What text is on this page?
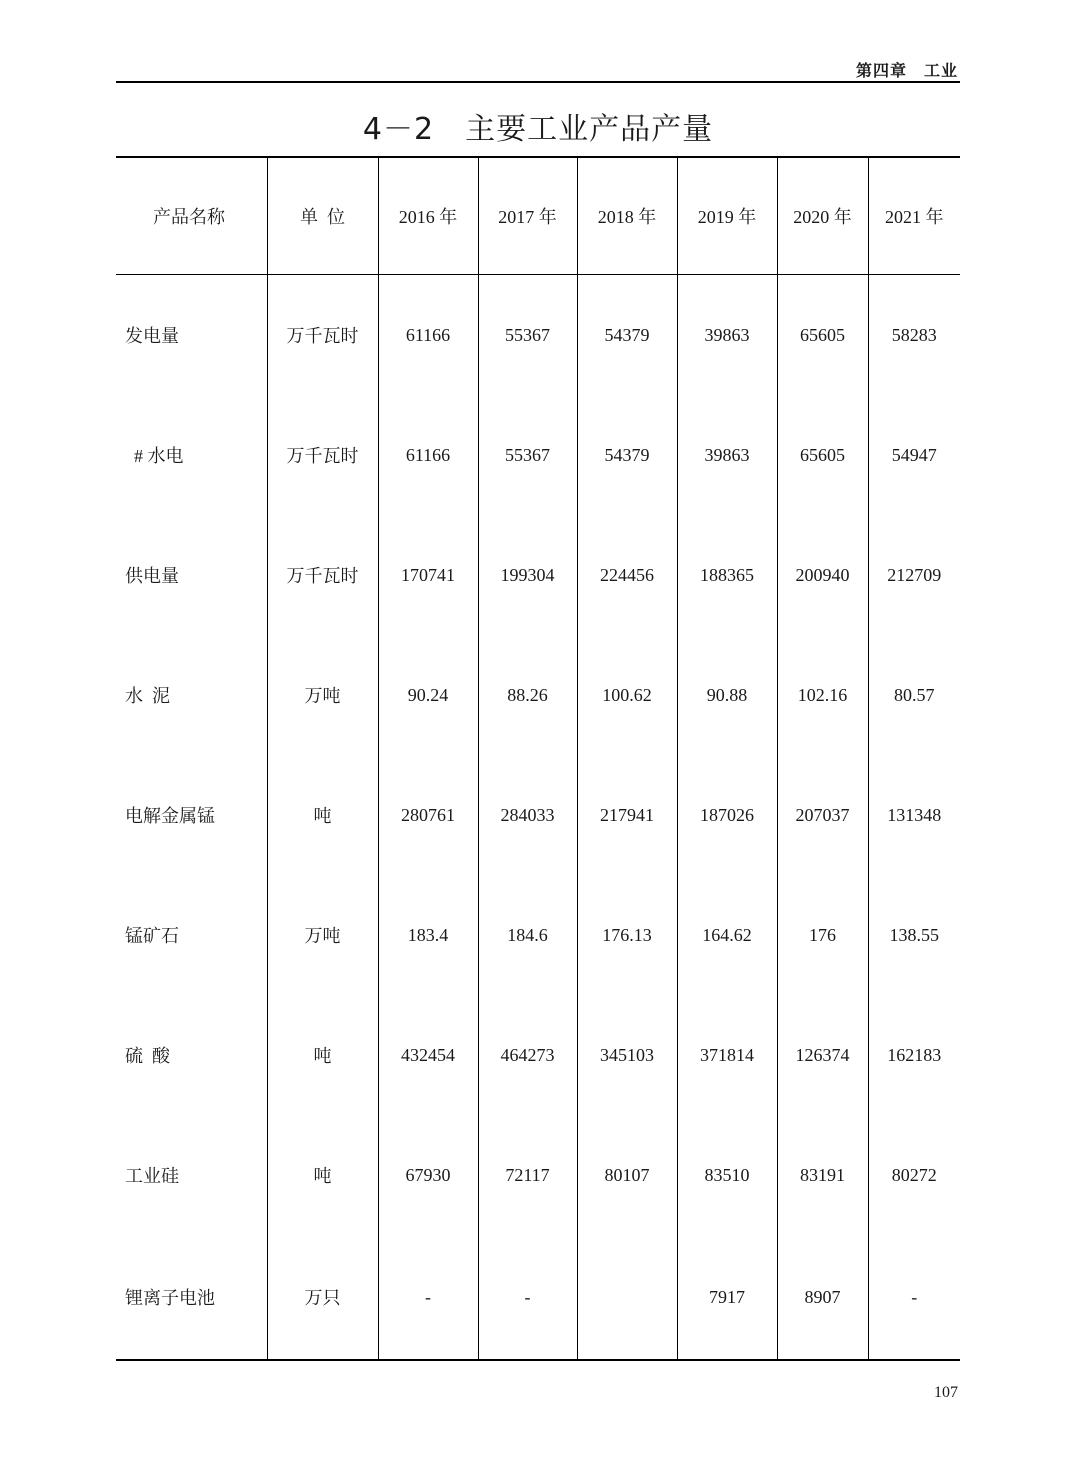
第四章　工业
4－2　主要工业产品产量
产品名称	单  位	2016 年	2017 年	2018 年	2019 年	2020 年	2021 年
发电量	万千瓦时	61166	55367	54379	39863	65605	58283
# 水电	万千瓦时	61166	55367	54379	39863	65605	54947
供电量	万千瓦时	170741	199304	224456	188365	200940	212709
水  泥	万吨	90.24	88.26	100.62	90.88	102.16	80.57
电解金属锰	吨	280761	284033	217941	187026	207037	131348
锰矿石	万吨	183.4	184.6	176.13	164.62	176	138.55
硫  酸	吨	432454	464273	345103	371814	126374	162183
工业硅	吨	67930	72117	80107	83510	83191	80272
锂离子电池	万只	-	-		7917	8907	-
107
